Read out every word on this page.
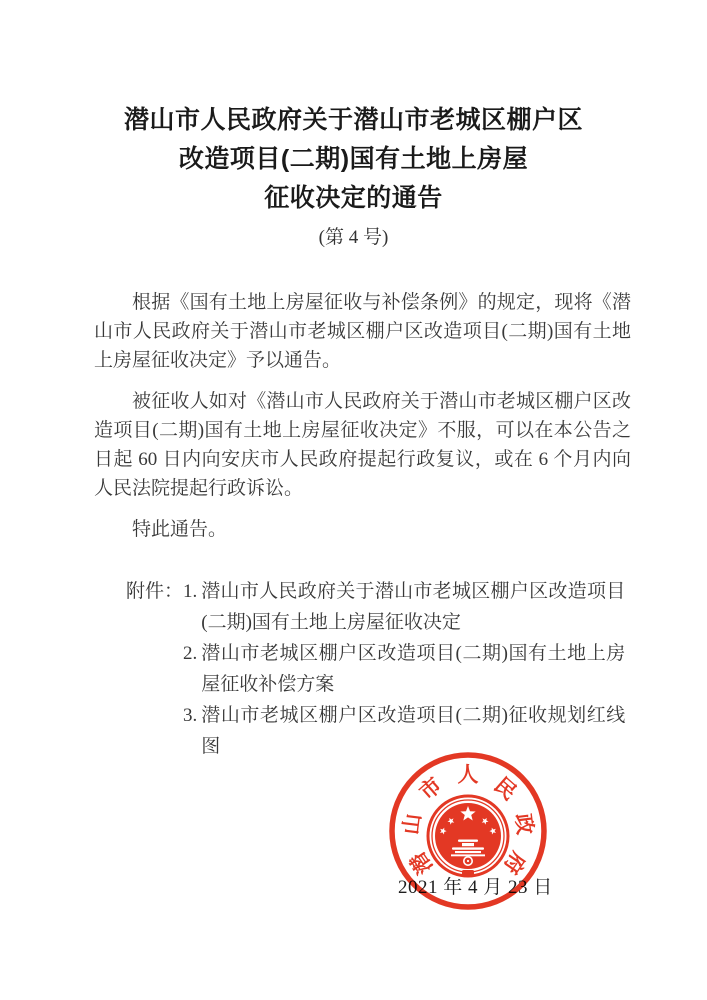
潜山市人民政府关于潜山市老城区棚户区
改造项目(二期)国有土地上房屋
征收决定的通告
(第 4 号)

根据《国有土地上房屋征收与补偿条例》的规定，现将《潜山市人民政府关于潜山市老城区棚户区改造项目(二期)国有土地上房屋征收决定》予以通告。

被征收人如对《潜山市人民政府关于潜山市老城区棚户区改造项目(二期)国有土地上房屋征收决定》不服，可以在本公告之日起 60 日内向安庆市人民政府提起行政复议，或在 6 个月内向人民法院提起行政诉讼。

特此通告。

附件： 1. 潜山市人民政府关于潜山市老城区棚户区改造项目(二期)国有土地上房屋征收决定
2. 潜山市老城区棚户区改造项目(二期)国有土地上房屋征收补偿方案
3. 潜山市老城区棚户区改造项目(二期)征收规划红线图
2021 年 4 月 23 日
潜
山
市 人 民
政
府
